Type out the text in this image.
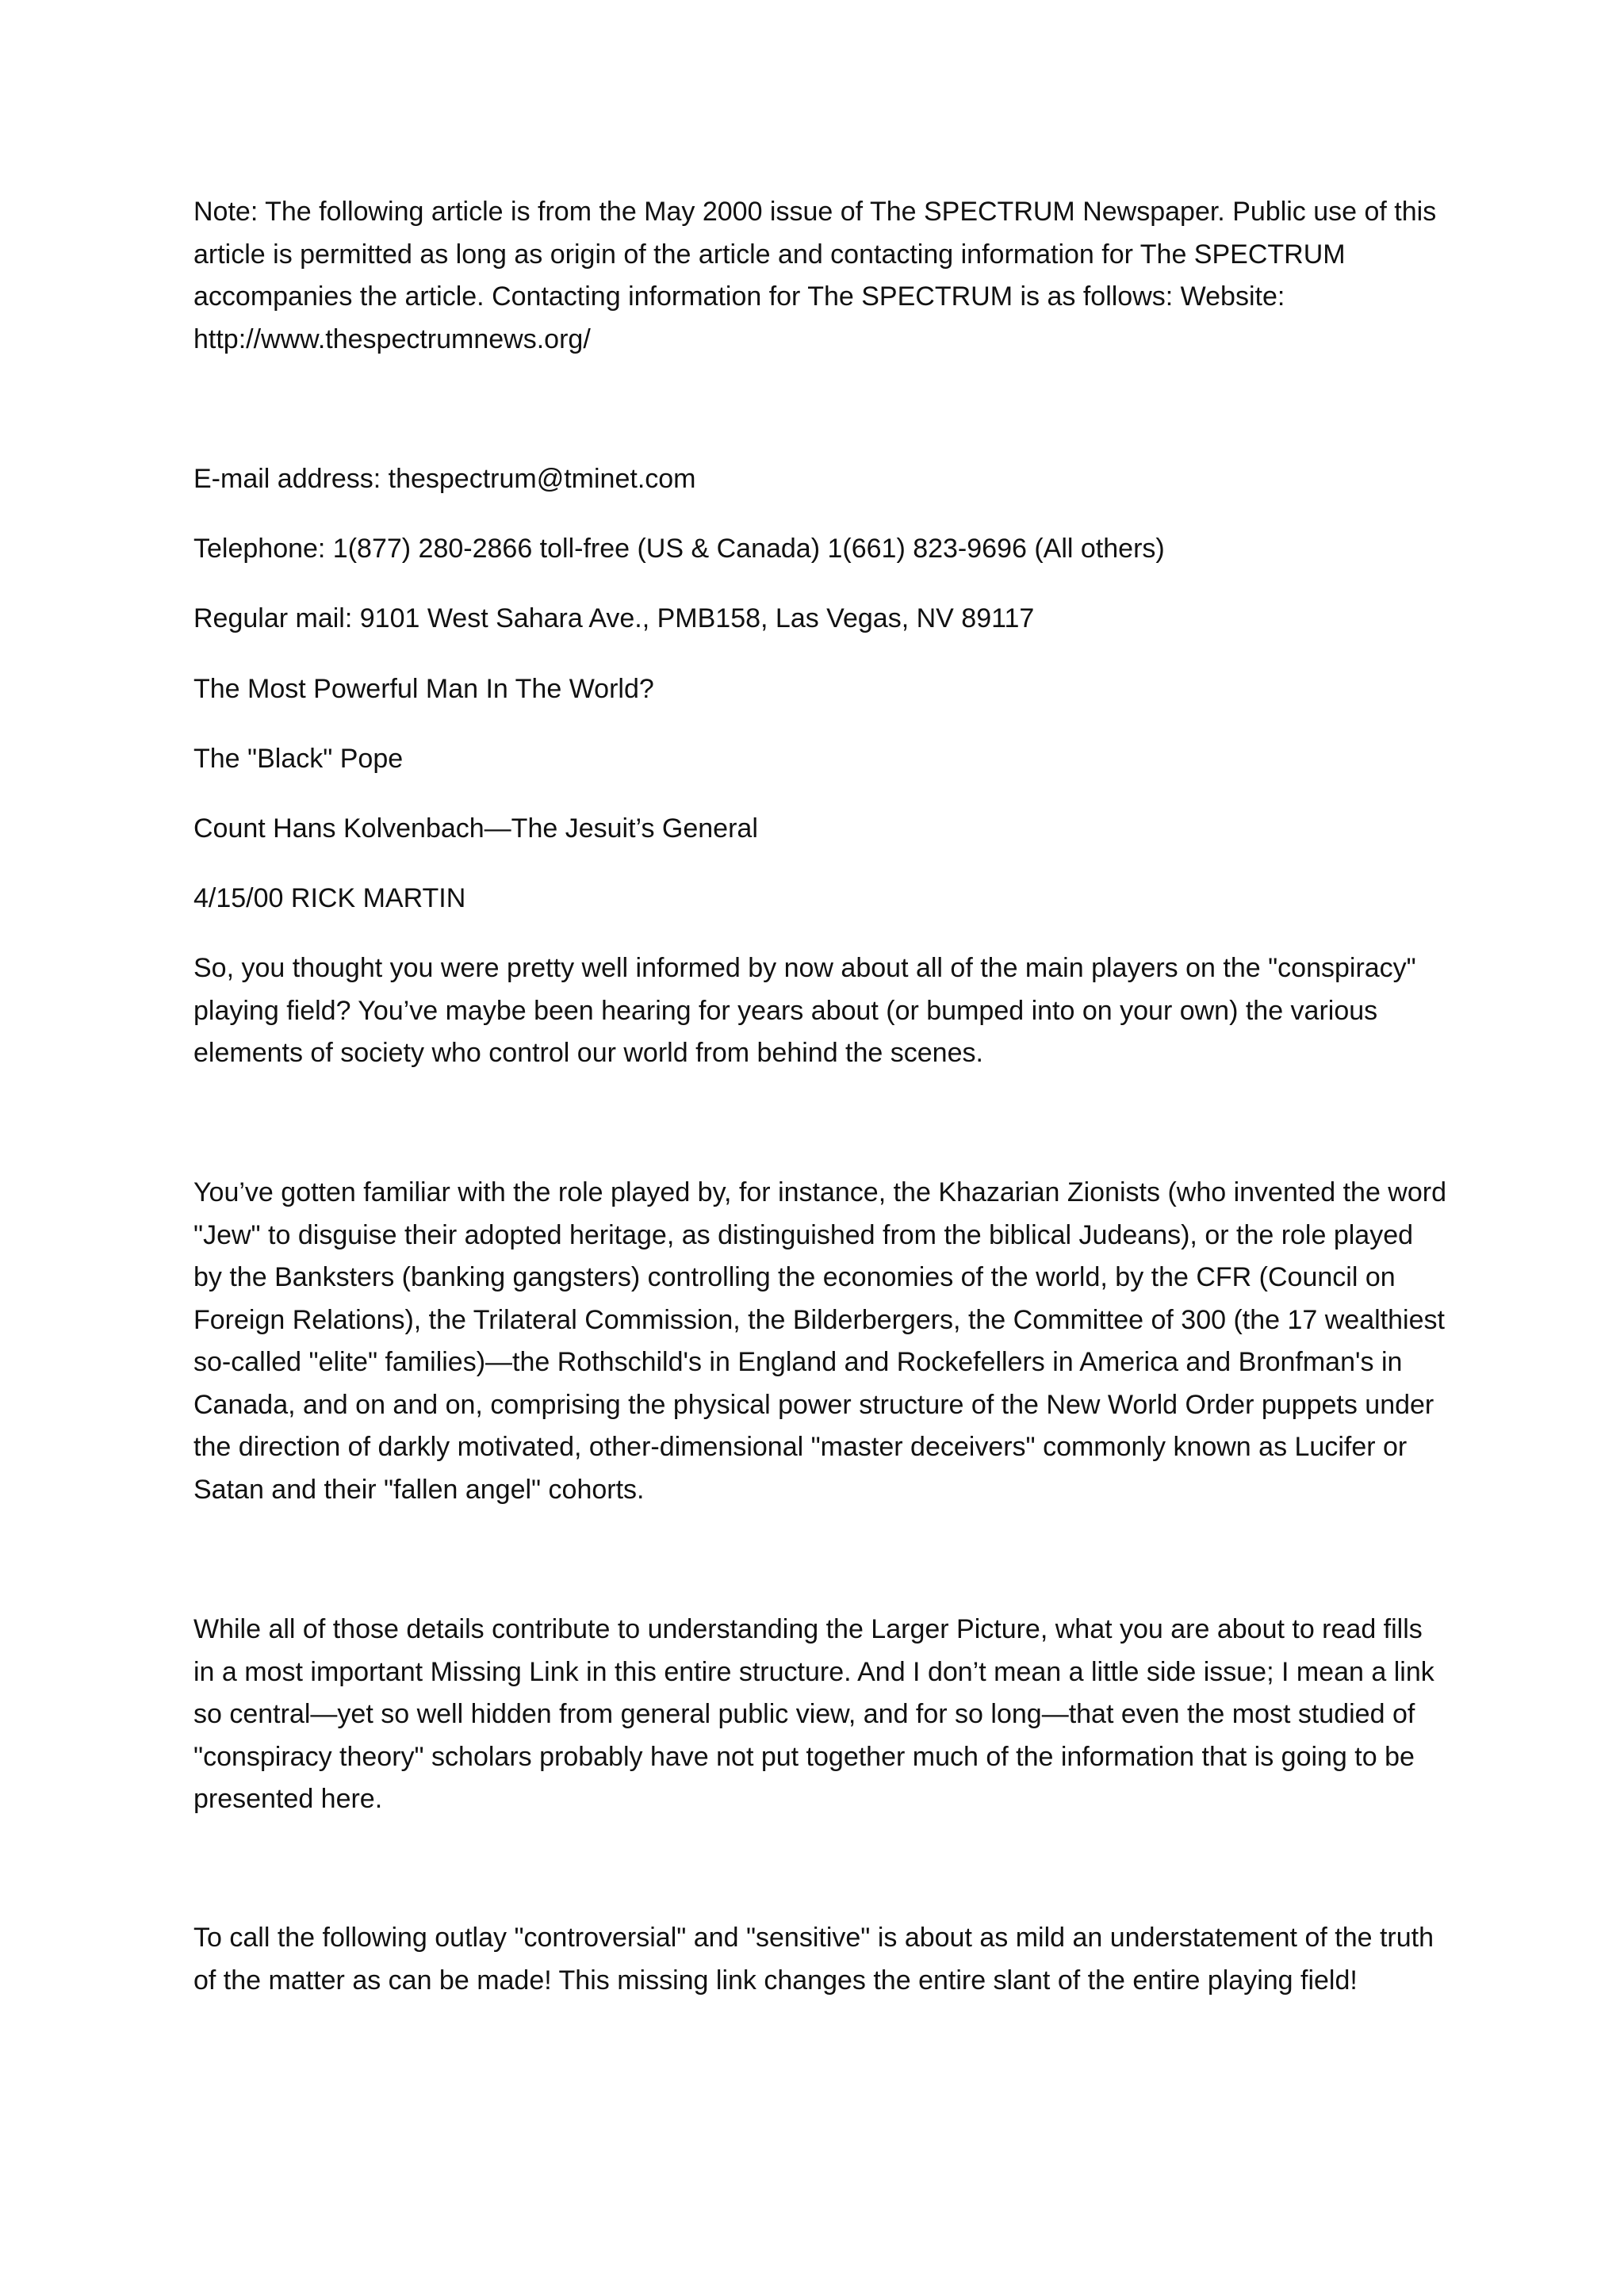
Note: The following article is from the May 2000 issue of The SPECTRUM Newspaper. Public use of this article is permitted as long as origin of the article and contacting information for The SPECTRUM accompanies the article. Contacting information for The SPECTRUM is as follows: Website: http://www.thespectrumnews.org/

E-mail address: thespectrum@tminet.com

Telephone: 1(877) 280-2866 toll-free (US & Canada) 1(661) 823-9696 (All others)

Regular mail: 9101 West Sahara Ave., PMB158, Las Vegas, NV 89117

The Most Powerful Man In The World?

The "Black" Pope

Count Hans Kolvenbach—The Jesuit’s General

4/15/00 RICK MARTIN

So, you thought you were pretty well informed by now about all of the main players on the "conspiracy" playing field? You’ve maybe been hearing for years about (or bumped into on your own) the various elements of society who control our world from behind the scenes.

You’ve gotten familiar with the role played by, for instance, the Khazarian Zionists (who invented the word "Jew" to disguise their adopted heritage, as distinguished from the biblical Judeans), or the role played by the Banksters (banking gangsters) controlling the economies of the world, by the CFR (Council on Foreign Relations), the Trilateral Commission, the Bilderbergers, the Committee of 300 (the 17 wealthiest so-called "elite" families)—the Rothschild's in England and Rockefellers in America and Bronfman's in Canada, and on and on, comprising the physical power structure of the New World Order puppets under the direction of darkly motivated, other-dimensional "master deceivers" commonly known as Lucifer or Satan and their "fallen angel" cohorts.

While all of those details contribute to understanding the Larger Picture, what you are about to read fills in a most important Missing Link in this entire structure. And I don’t mean a little side issue; I mean a link so central—yet so well hidden from general public view, and for so long—that even the most studied of "conspiracy theory" scholars probably have not put together much of the information that is going to be presented here.

To call the following outlay "controversial" and "sensitive" is about as mild an understatement of the truth of the matter as can be made! This missing link changes the entire slant of the entire playing field!
